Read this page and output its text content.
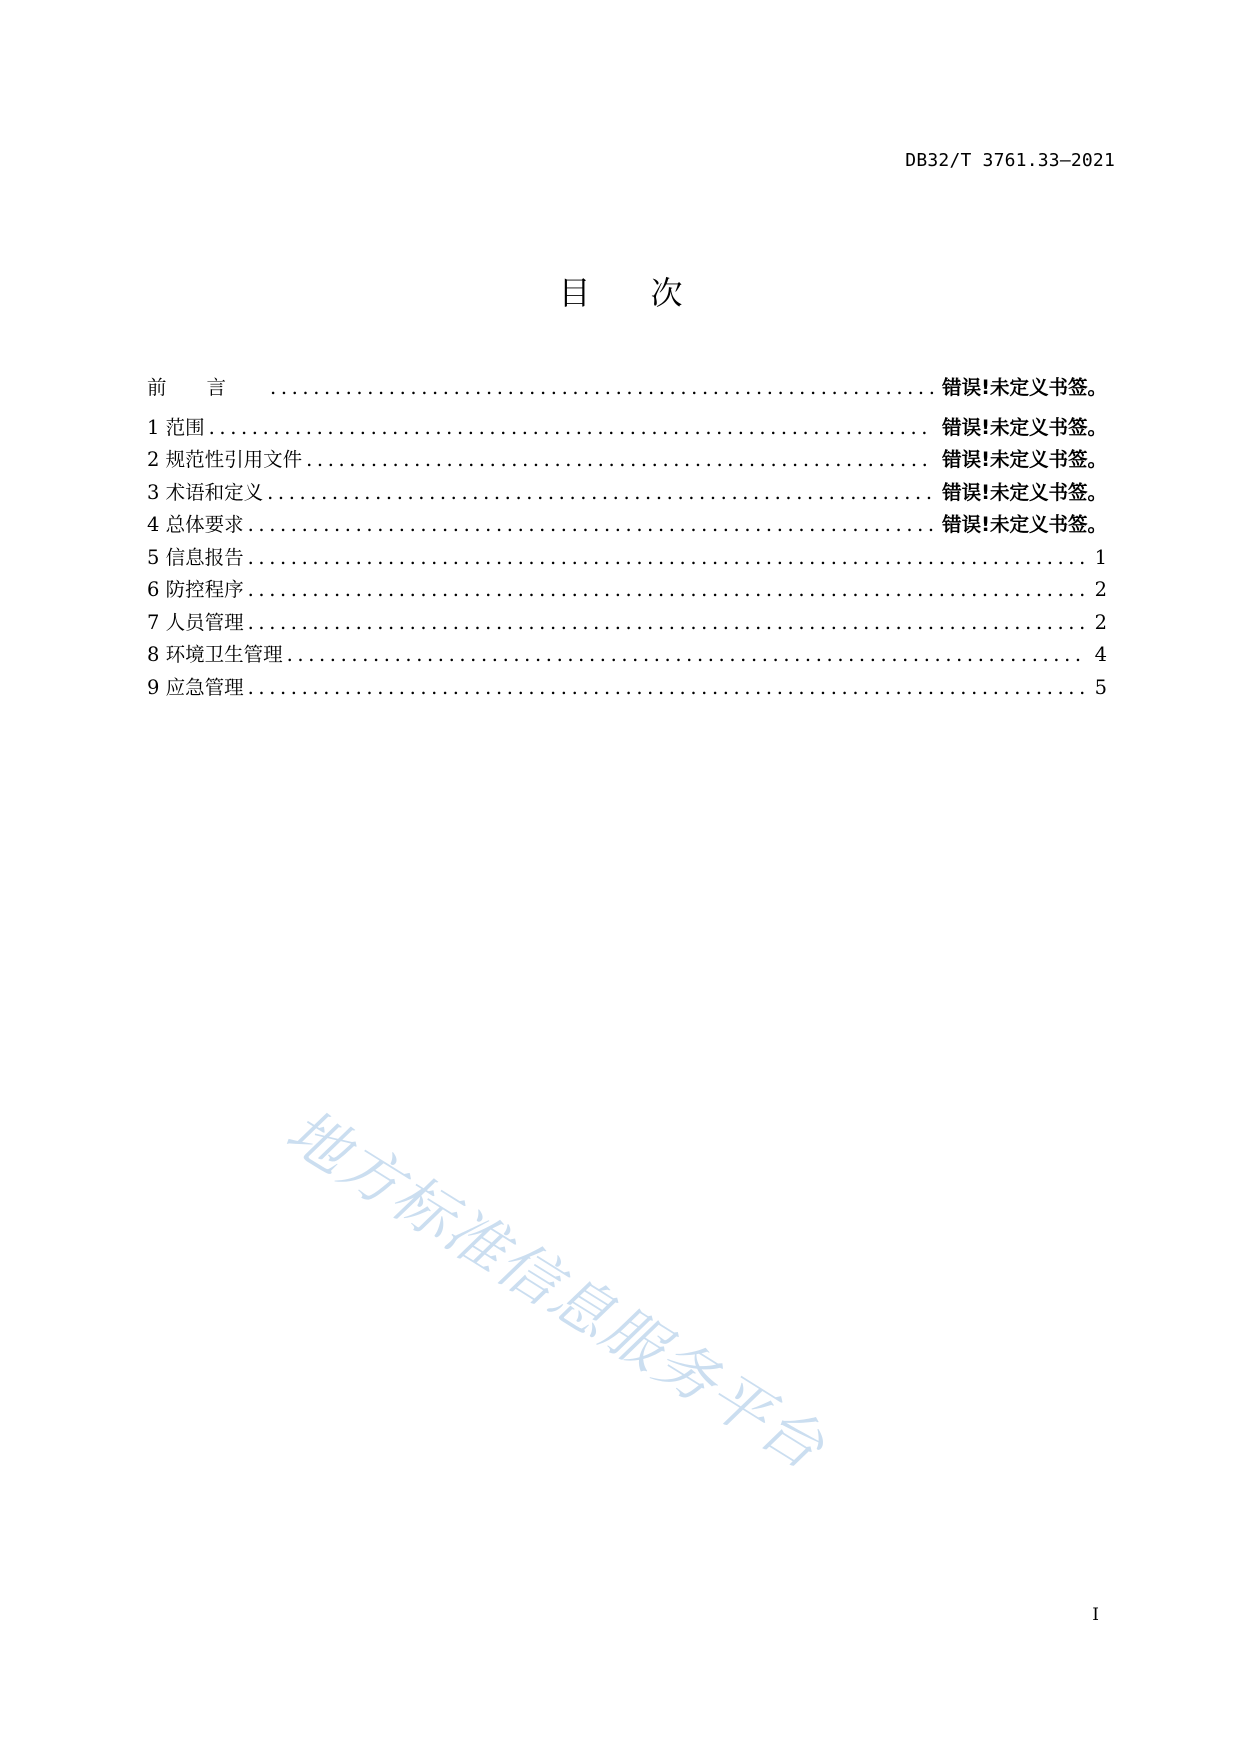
DB32/T 3761.33—2021
目次
前言 .....	错误!未定义书签。
1 范围 .....	错误!未定义书签。
2 规范性引用文件 .....	错误!未定义书签。
3 术语和定义 .....	错误!未定义书签。
4 总体要求 .....	错误!未定义书签。
5 信息报告 .....	1
6 防控程序 .....	2
7 人员管理 .....	2
8 环境卫生管理 .....	4
9 应急管理 .....	5
地方标准信息服务平台
I
